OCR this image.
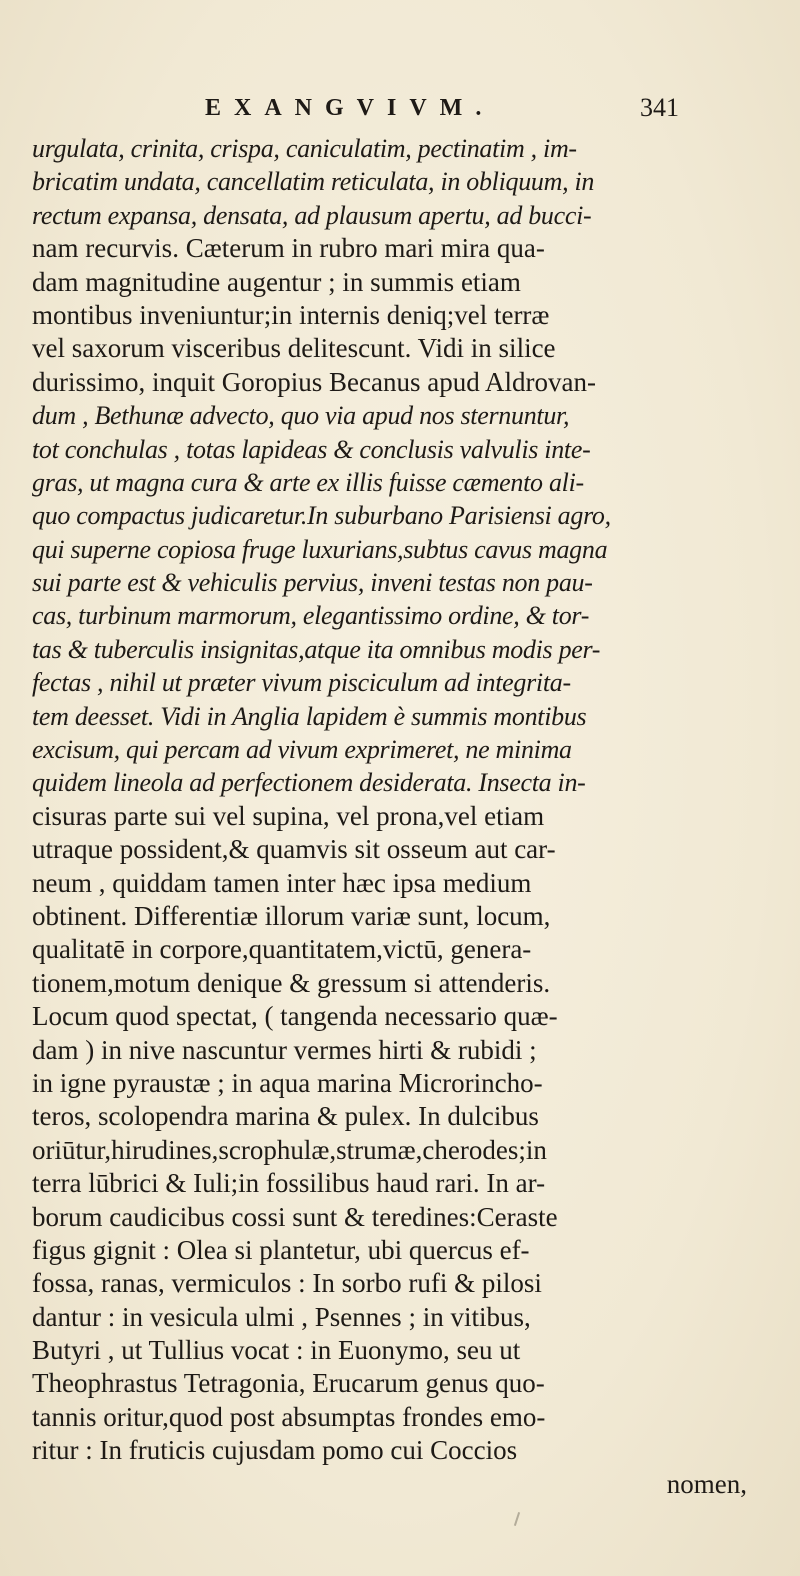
EXANGVIVM.	341
urgulata, crinita, crispa, caniculatim, pectinatim , im-
bricatim undata, cancellatim reticulata, in obliquum, in
rectum expansa, densata, ad plausum apertu, ad bucci-
nam recurvis. Cæterum in rubro mari mira qua-
dam magnitudine augentur ; in summis etiam
montibus inveniuntur;in internis deniq;vel terræ
vel saxorum visceribus delitescunt. Vidi in silice
durissimo, inquit Goropius Becanus apud Aldrovan-
dum , Bethunæ advecto, quo via apud nos sternuntur,
tot conchulas , totas lapideas & conclusis valvulis inte-
gras, ut magna cura & arte ex illis fuisse cæmento ali-
quo compactus judicaretur.In suburbano Parisiensi agro,
qui superne copiosa fruge luxurians,subtus cavus magna
sui parte est & vehiculis pervius, inveni testas non pau-
cas, turbinum marmorum, elegantissimo ordine, & tor-
tas & tuberculis insignitas,atque ita omnibus modis per-
fectas , nihil ut præter vivum pisciculum ad integrita-
tem deesset. Vidi in Anglia lapidem è summis montibus
excisum, qui percam ad vivum exprimeret, ne minima
quidem lineola ad perfectionem desiderata. Insecta in-
cisuras parte sui vel supina, vel prona,vel etiam
utraque possident,& quamvis sit osseum aut car-
neum , quiddam tamen inter hæc ipsa medium
obtinent. Differentiæ illorum variæ sunt, locum,
qualitatē in corpore,quantitatem,victū, genera-
tionem,motum denique & gressum si attenderis.
Locum quod spectat, ( tangenda necessario quæ-
dam ) in nive nascuntur vermes hirti & rubidi ;
in igne pyraustæ ; in aqua marina Microrincho-
teros, scolopendra marina & pulex. In dulcibus
oriūtur,hirudines,scrophulæ,strumæ,cherodes;in
terra lūbrici & Iuli;in fossilibus haud rari. In ar-
borum caudicibus cossi sunt & teredines:Ceraste
figus gignit : Olea si plantetur, ubi quercus ef-
fossa, ranas, vermiculos : In sorbo rufi & pilosi
dantur : in vesicula ulmi , Psennes ; in vitibus,
Butyri , ut Tullius vocat : in Euonymo, seu ut
Theophrastus Tetragonia, Erucarum genus quo-
tannis oritur,quod post absumptas frondes emo-
ritur : In fruticis cujusdam pomo cui Coccios
nomen,
